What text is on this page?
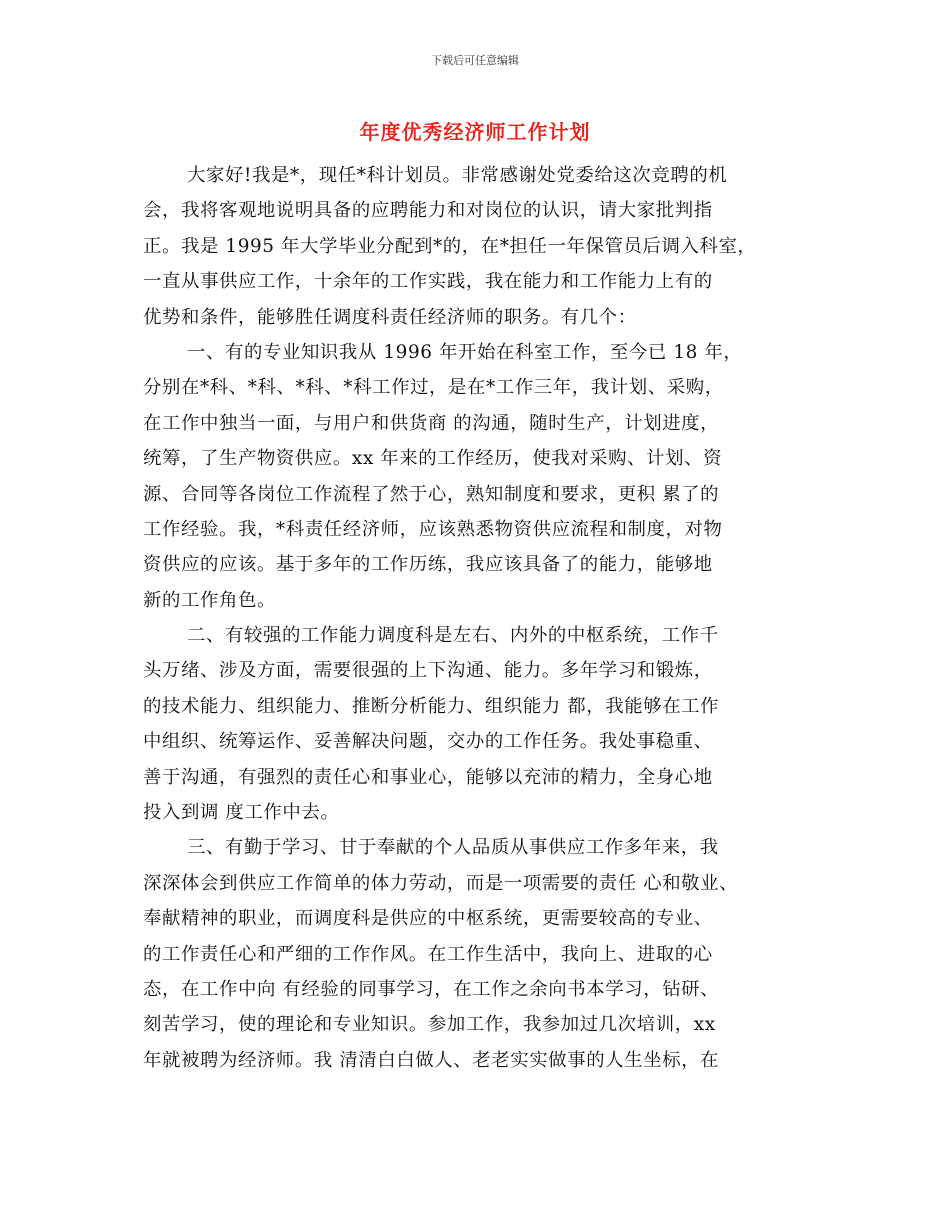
下载后可任意编辑
年度优秀经济师工作计划
大家好!我是*，现任*科计划员。非常感谢处党委给这次竞聘的机
会，我将客观地说明具备的应聘能力和对岗位的认识，请大家批判指
正。我是 1995 年大学毕业分配到*的，在*担任一年保管员后调入科室，
一直从事供应工作，十余年的工作实践，我在能力和工作能力上有的
优势和条件，能够胜任调度科责任经济师的职务。有几个：
一、有的专业知识我从 1996 年开始在科室工作，至今已 18 年，
分别在*科、*科、*科、*科工作过，是在*工作三年，我计划、采购，
在工作中独当一面，与用户和供货商 的沟通，随时生产，计划进度，
统筹，了生产物资供应。xx 年来的工作经历，使我对采购、计划、资
源、合同等各岗位工作流程了然于心，熟知制度和要求，更积 累了的
工作经验。我，*科责任经济师，应该熟悉物资供应流程和制度，对物
资供应的应该。基于多年的工作历练，我应该具备了的能力，能够地
新的工作角色。
二、有较强的工作能力调度科是左右、内外的中枢系统，工作千
头万绪、涉及方面，需要很强的上下沟通、能力。多年学习和锻炼，
的技术能力、组织能力、推断分析能力、组织能力 都，我能够在工作
中组织、统筹运作、妥善解决问题，交办的工作任务。我处事稳重、
善于沟通，有强烈的责任心和事业心，能够以充沛的精力，全身心地
投入到调 度工作中去。
三、有勤于学习、甘于奉献的个人品质从事供应工作多年来，我
深深体会到供应工作简单的体力劳动，而是一项需要的责任 心和敬业、
奉献精神的职业，而调度科是供应的中枢系统，更需要较高的专业、
的工作责任心和严细的工作作风。在工作生活中，我向上、进取的心
态，在工作中向 有经验的同事学习，在工作之余向书本学习，钻研、
刻苦学习，使的理论和专业知识。参加工作，我参加过几次培训，xx
年就被聘为经济师。我 清清白白做人、老老实实做事的人生坐标，在
